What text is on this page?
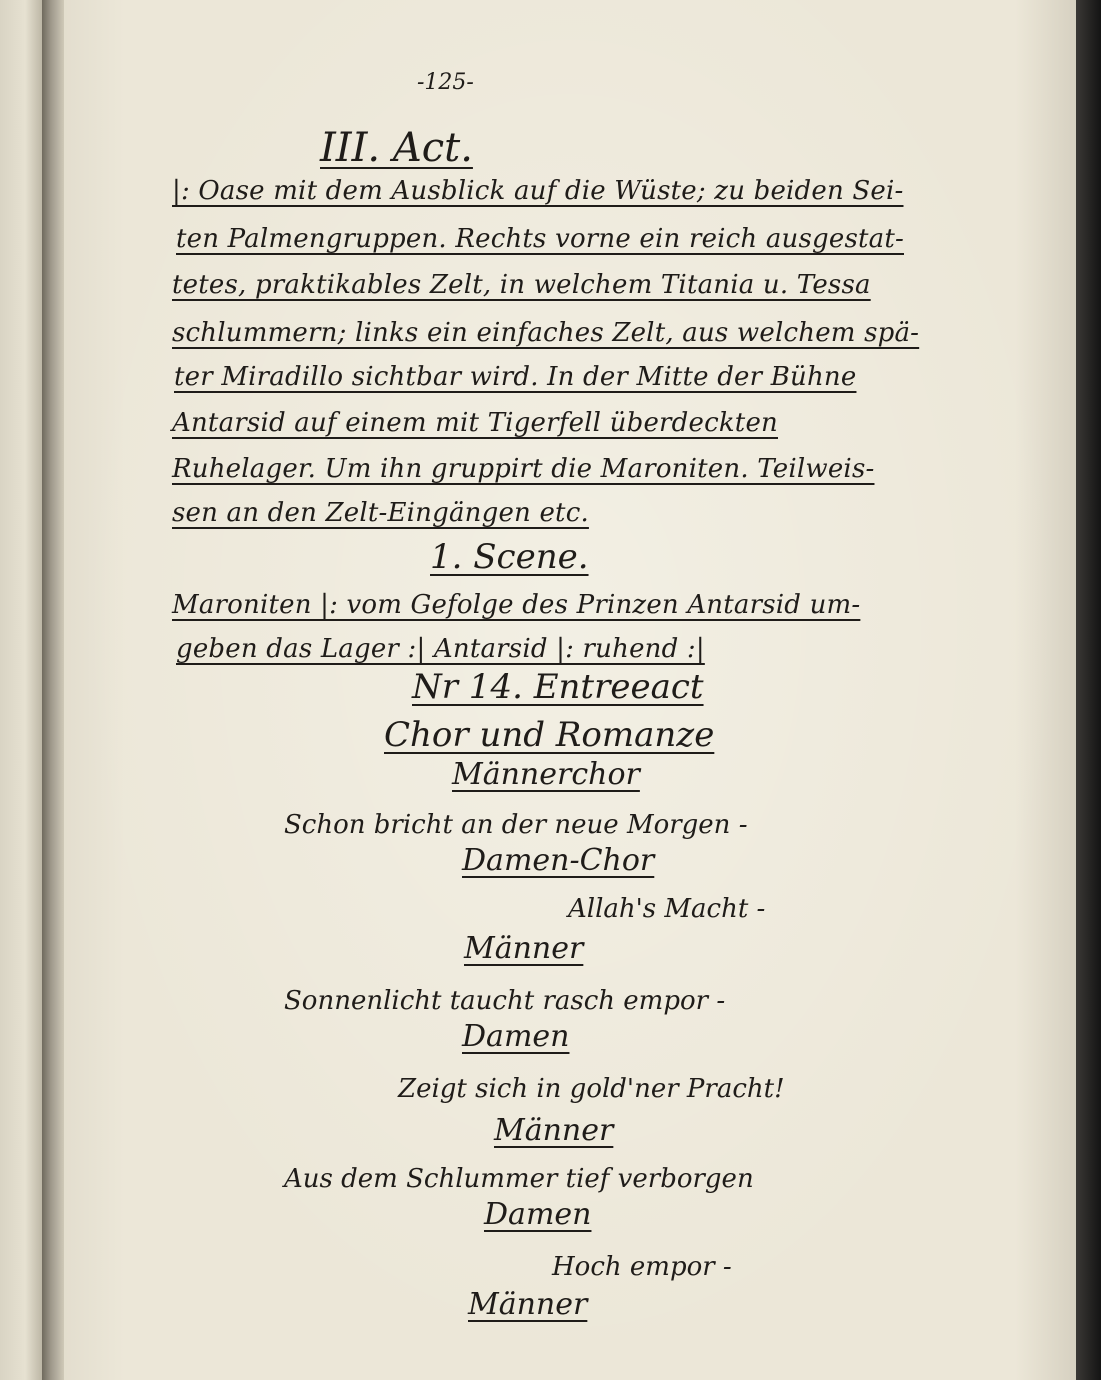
-125-
III. Act.
|: Oase mit dem Ausblick auf die Wüste; zu beiden Sei-
ten Palmengruppen. Rechts vorne ein reich ausgestat-
tetes, praktikables Zelt, in welchem Titania u. Tessa
schlummern; links ein einfaches Zelt, aus welchem spä-
ter Miradillo sichtbar wird. In der Mitte der Bühne
Antarsid auf einem mit Tigerfell überdeckten
Ruhelager. Um ihn gruppirt die Maroniten. Teilweis-
sen an den Zelt-Eingängen etc.
1. Scene.
Maroniten |: vom Gefolge des Prinzen Antarsid um-
geben das Lager :| Antarsid |: ruhend :|
Nr 14. Entreeact
Chor und Romanze
Männerchor
Schon bricht an der neue Morgen -
Damen-Chor
Allah's Macht -
Männer
Sonnenlicht taucht rasch empor -
Damen
Zeigt sich in gold'ner Pracht!
Männer
Aus dem Schlummer tief verborgen
Damen
Hoch empor -
Männer
